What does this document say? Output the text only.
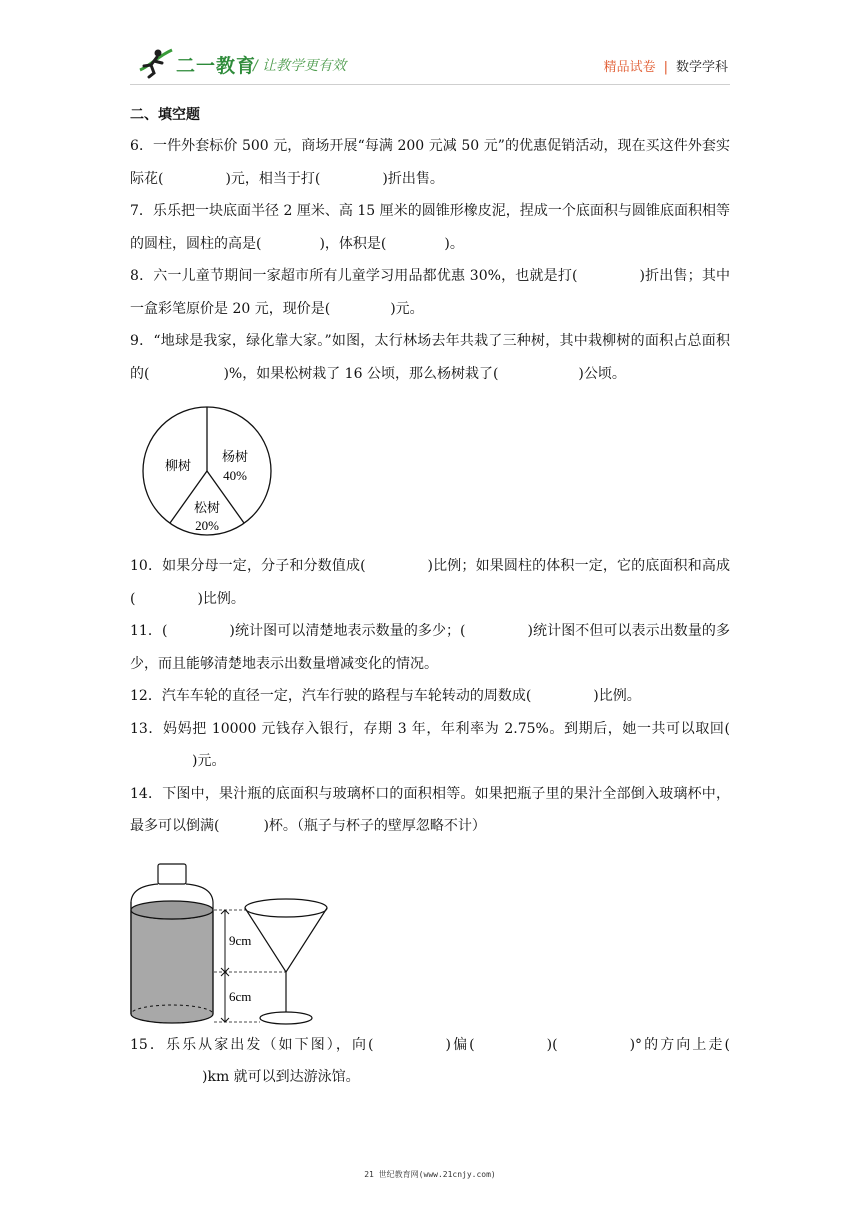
二一教育
/ 让教学更有效	精品试卷 | 数学学科
二、填空题

6．一件外套标价 500 元，商场开展“每满 200 元减 50 元”的优惠促销活动，现在买这件外套实际花(	)元，相当于打(	)折出售。

7．乐乐把一块底面半径 2 厘米、高 15 厘米的圆锥形橡皮泥，捏成一个底面积与圆锥底面积相等的圆柱，圆柱的高是(	)，体积是(	)。

8．六一儿童节期间一家超市所有儿童学习用品都优惠 30%，也就是打(	)折出售；其中一盒彩笔原价是 20 元，现价是(	)元。

9．“地球是我家，绿化靠大家。”如图，太行林场去年共栽了三种树，其中栽柳树的面积占总面积的(	)%，如果松树栽了 16 公顷，那么杨树栽了(	)公顷。

10．如果分母一定，分子和分数值成(	)比例；如果圆柱的体积一定，它的底面积和高成(	)比例。

11．(	)统计图可以清楚地表示数量的多少；(	)统计图不但可以表示出数量的多少，而且能够清楚地表示出数量增减变化的情况。

12．汽车车轮的直径一定，汽车行驶的路程与车轮转动的周数成(	)比例。

13．妈妈把 10000 元钱存入银行，存期 3 年，年利率为 2.75%。到期后，她一共可以取回()元。

14．下图中，果汁瓶的底面积与玻璃杯口的面积相等。如果把瓶子里的果汁全部倒入玻璃杯中，最多可以倒满(	)杯。（瓶子与杯子的壁厚忽略不计）

15．乐乐从家出发（如下图），向(	)偏(	)(	)°的方向上走()km 就可以到达游泳馆。

柳树
杨树
40%
松树
20%
9cm
6cm
21 世纪教育网(www.21cnjy.com)
